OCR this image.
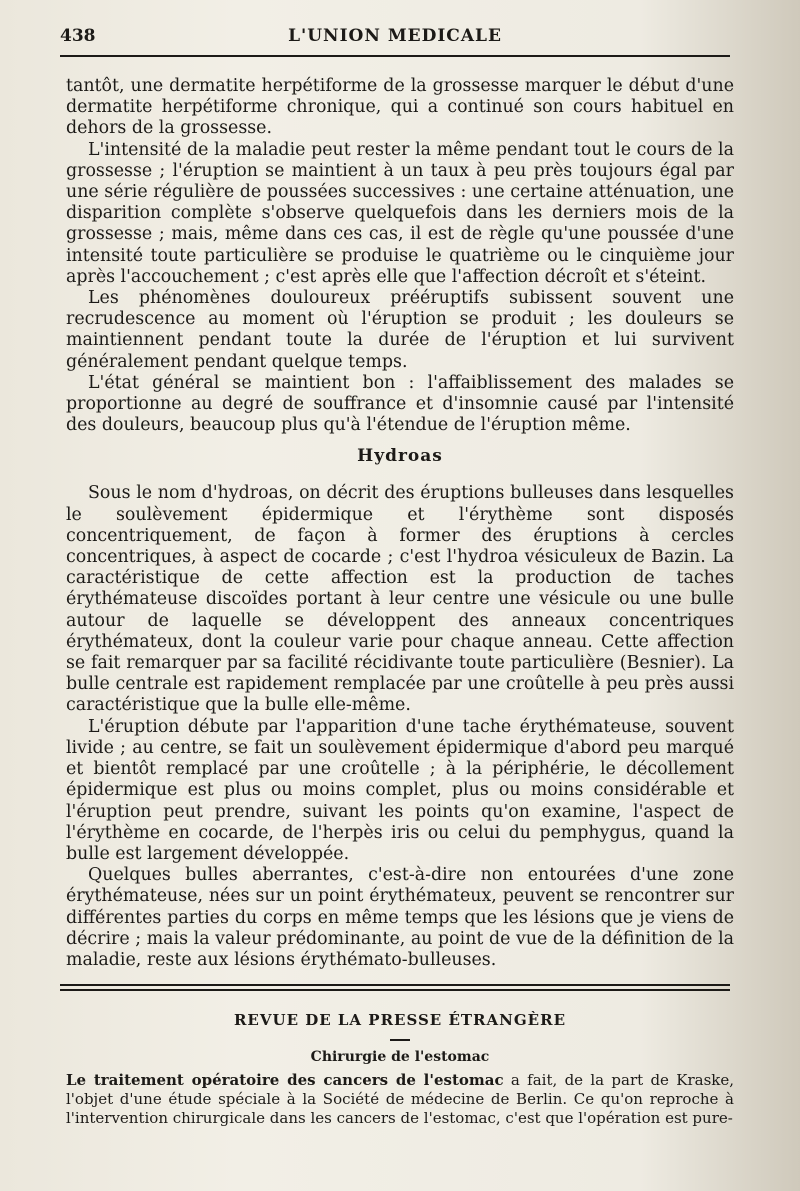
438	L'UNION MEDICALE

tantôt, une dermatite herpétiforme de la grossesse marquer le début d'une dermatite herpétiforme chronique, qui a continué son cours habituel en dehors de la grossesse.

L'intensité de la maladie peut rester la même pendant tout le cours de la grossesse ; l'éruption se maintient à un taux à peu près toujours égal par une série régulière de poussées successives : une certaine atténuation, une disparition complète s'observe quelquefois dans les derniers mois de la grossesse ; mais, même dans ces cas, il est de règle qu'une poussée d'une intensité toute particulière se produise le quatrième ou le cinquième jour après l'accouchement ; c'est après elle que l'affection décroît et s'éteint.

Les phénomènes douloureux prééruptifs subissent souvent une recrudescence au moment où l'éruption se produit ; les douleurs se maintiennent pendant toute la durée de l'éruption et lui survivent généralement pendant quelque temps.

L'état général se maintient bon : l'affaiblissement des malades se proportionne au degré de souffrance et d'insomnie causé par l'intensité des douleurs, beaucoup plus qu'à l'étendue de l'éruption même.

Hydroas

Sous le nom d'hydroas, on décrit des éruptions bulleuses dans lesquelles le soulèvement épidermique et l'érythème sont disposés concentriquement, de façon à former des éruptions à cercles concentriques, à aspect de cocarde ; c'est l'hydroa vésiculeux de Bazin. La caractéristique de cette affection est la production de taches érythémateuse discoïdes portant à leur centre une vésicule ou une bulle autour de laquelle se développent des anneaux concentriques érythémateux, dont la couleur varie pour chaque anneau. Cette affection se fait remarquer par sa facilité récidivante toute particulière (Besnier). La bulle centrale est rapidement remplacée par une croûtelle à peu près aussi caractéristique que la bulle elle-même.

L'éruption débute par l'apparition d'une tache érythémateuse, souvent livide ; au centre, se fait un soulèvement épidermique d'abord peu marqué et bientôt remplacé par une croûtelle ; à la périphérie, le décollement épidermique est plus ou moins complet, plus ou moins considérable et l'éruption peut prendre, suivant les points qu'on examine, l'aspect de l'érythème en cocarde, de l'herpès iris ou celui du pemphygus, quand la bulle est largement développée.

Quelques bulles aberrantes, c'est-à-dire non entourées d'une zone érythémateuse, nées sur un point érythémateux, peuvent se rencontrer sur différentes parties du corps en même temps que les lésions que je viens de décrire ; mais la valeur prédominante, au point de vue de la définition de la maladie, reste aux lésions érythémato-bulleuses.

REVUE DE LA PRESSE ÉTRANGÈRE
Chirurgie de l'estomac

Le traitement opératoire des cancers de l'estomac a fait, de la part de Kraske, l'objet d'une étude spéciale à la Société de médecine de Berlin. Ce qu'on reproche à l'intervention chirurgicale dans les cancers de l'estomac, c'est que l'opération est pure-
